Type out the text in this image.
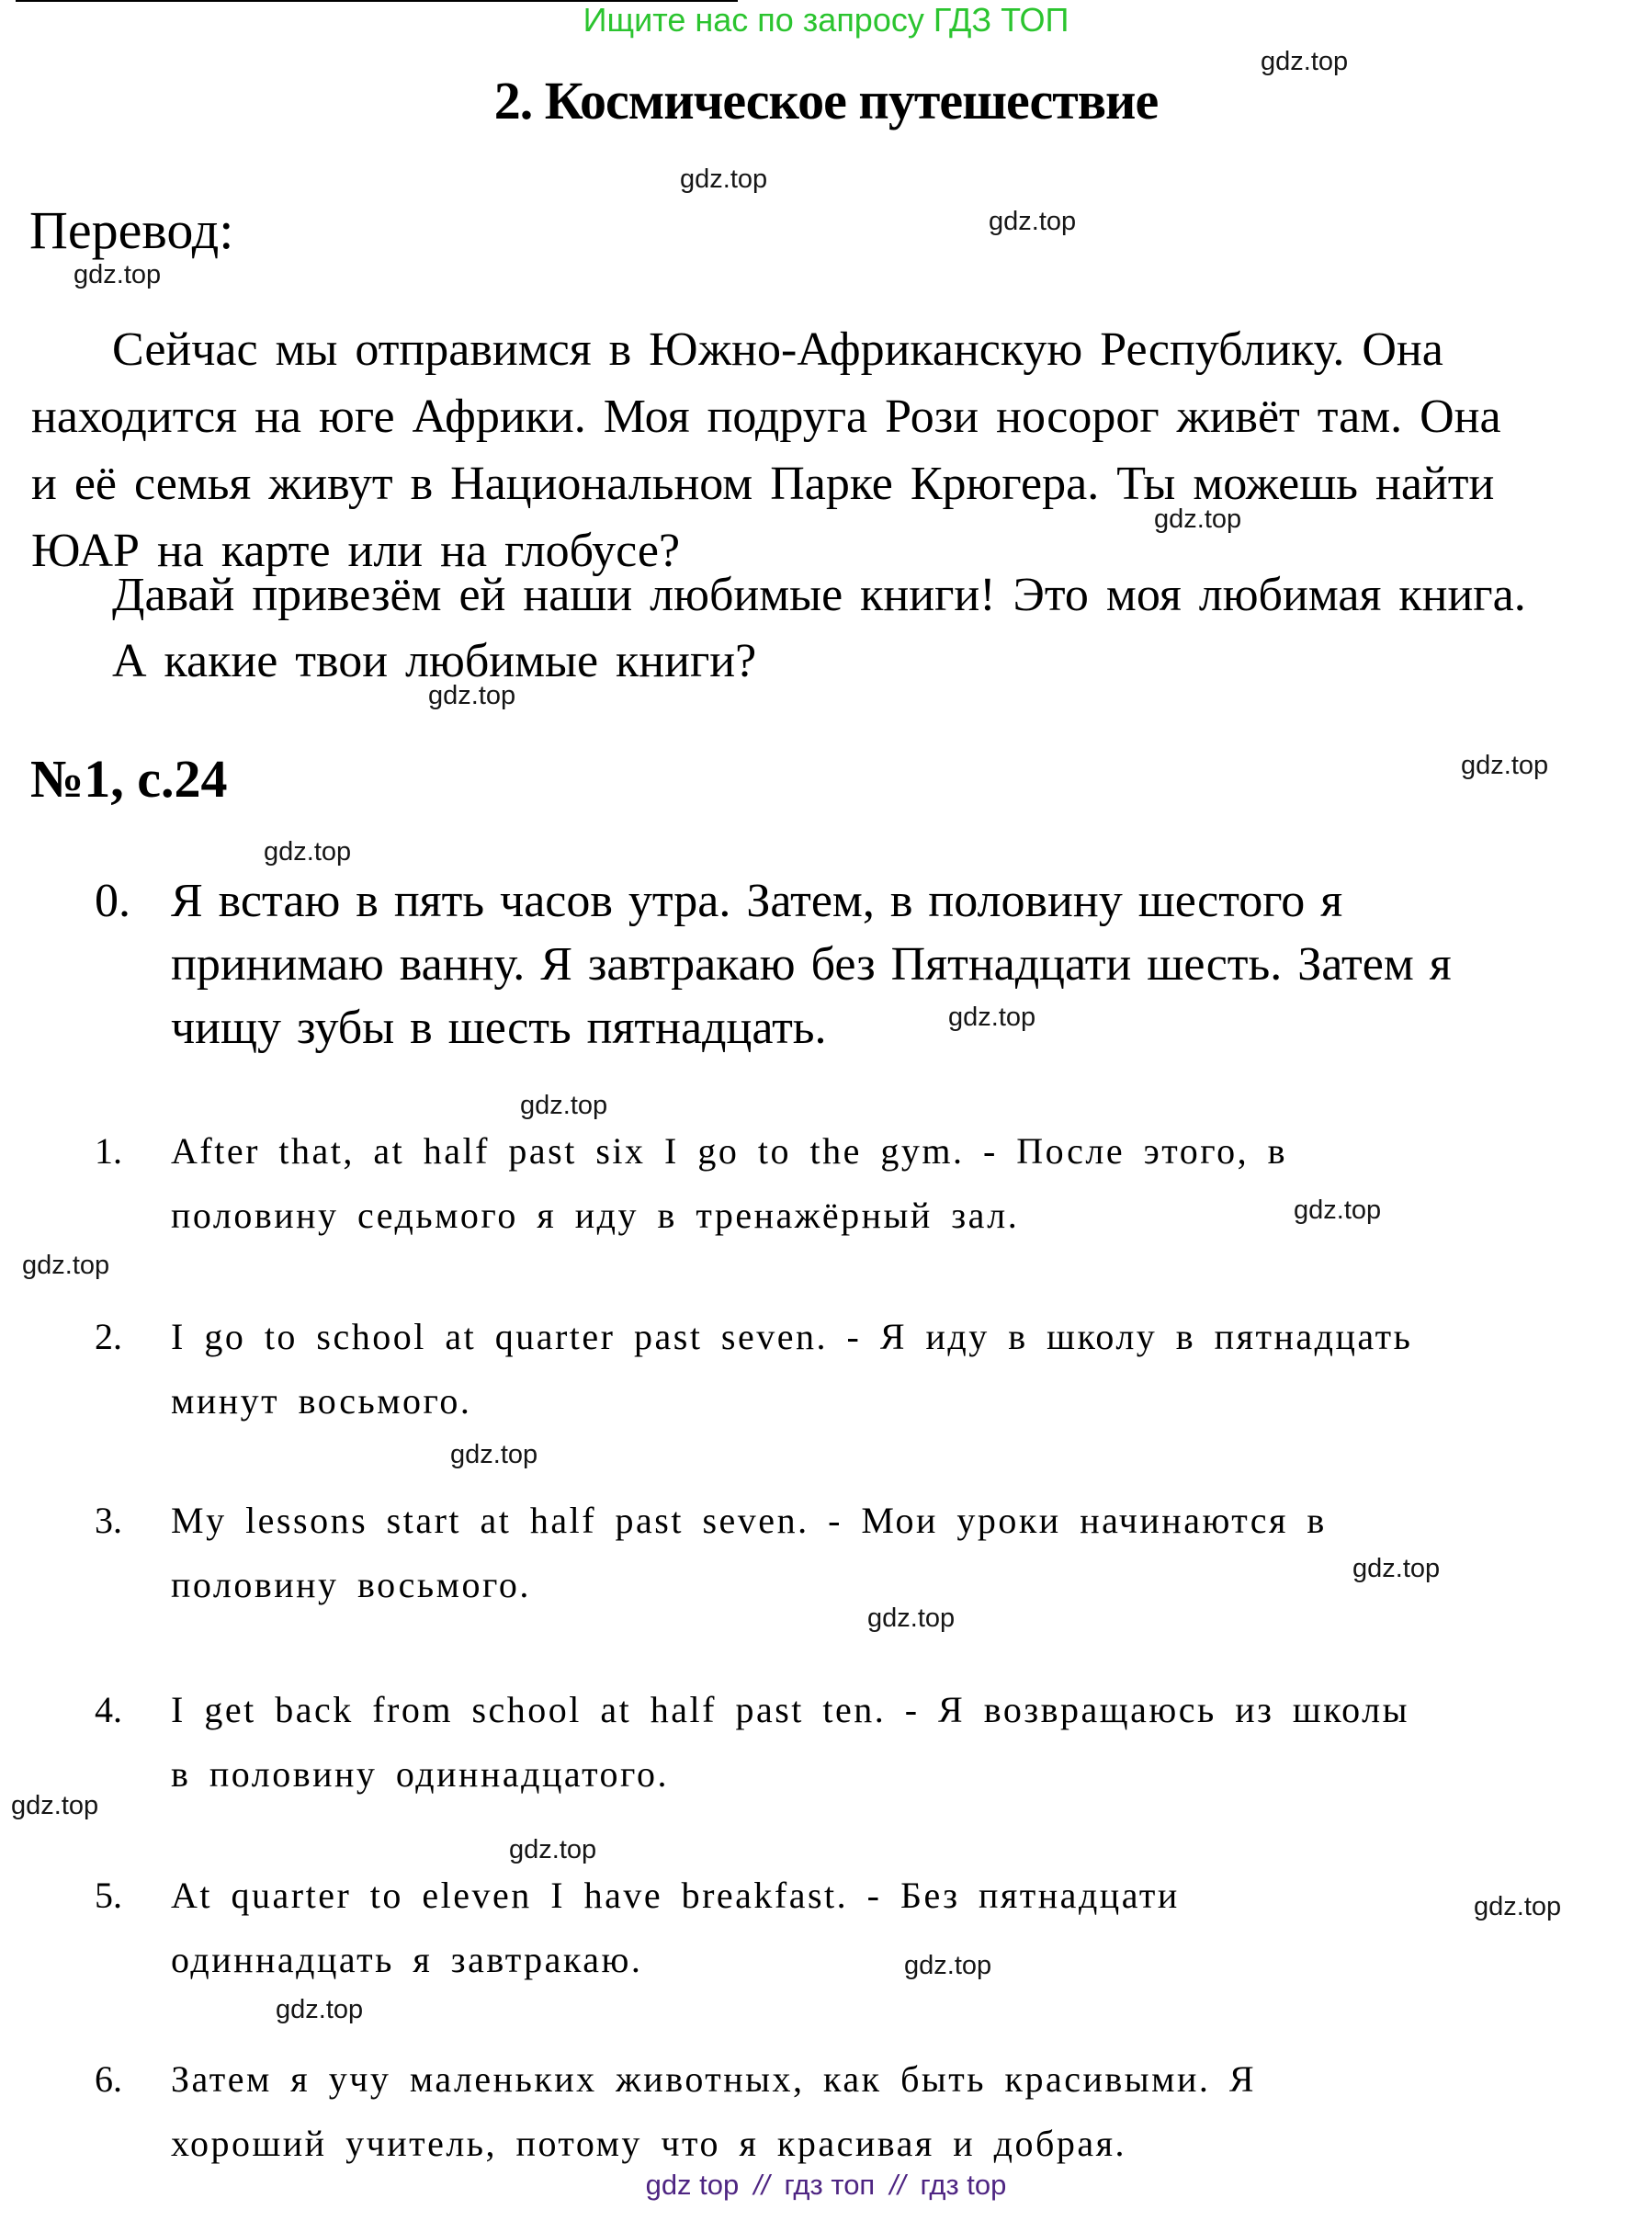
Ищите нас по запросу ГДЗ ТОП
gdz.top
gdz.top
gdz.top
gdz.top
gdz.top
gdz.top
gdz.top
gdz.top
gdz.top
gdz.top
gdz.top
gdz.top
gdz.top
gdz.top
gdz.top
gdz.top
gdz.top
gdz.top
gdz.top
gdz.top
2. Космическое путешествие
Перевод:
Сейчас мы отправимся в Южно-Африканскую Республику. Она
находится на юге Африки. Моя подруга Рози носорог живёт там. Она
и её семья живут в Национальном Парке Крюгера. Ты можешь найти
ЮАР на карте или на глобусе?
Давай привезём ей наши любимые книги! Это моя любимая книга.
А какие твои любимые книги?
№1, с.24
0. Я встаю в пять часов утра. Затем, в половину шестого я
принимаю ванну. Я завтракаю без Пятнадцати шесть. Затем я
чищу зубы в шесть пятнадцать.
1. After that, at half past six I go to the gym. - После этого, в
половину седьмого я иду в тренажёрный зал.
2. I go to school at quarter past seven. - Я иду в школу в пятнадцать
минут восьмого.
3. My lessons start at half past seven. - Мои уроки начинаются в
половину восьмого.
4. I get back from school at half past ten. - Я возвращаюсь из школы
в половину одиннадцатого.
5. At quarter to eleven I have breakfast. - Без пятнадцати
одиннадцать я завтракаю.
6. Затем я учу маленьких животных, как быть красивыми. Я
хороший учитель, потому что я красивая и добрая.
gdz top // гдз топ // гдз top
